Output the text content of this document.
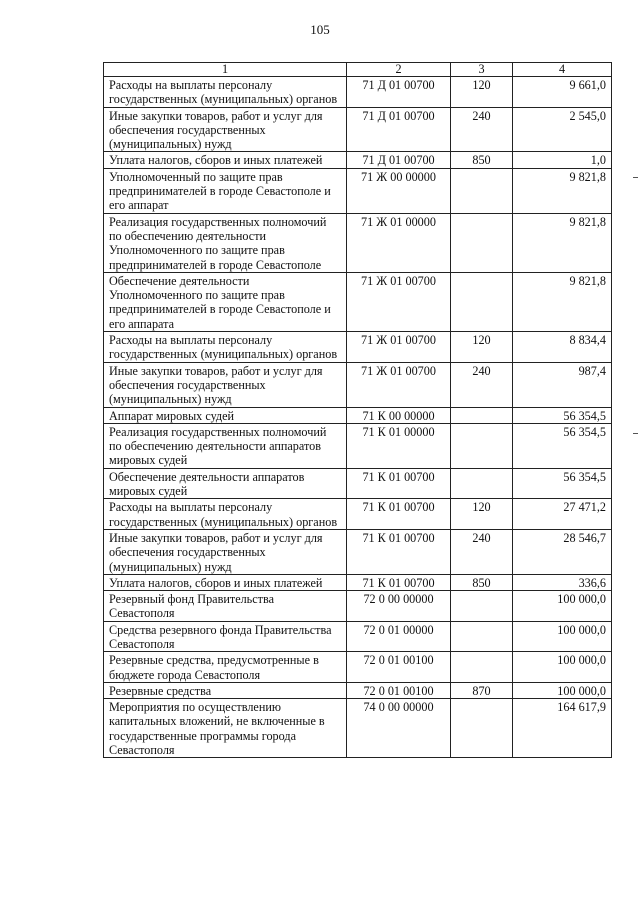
105
1	2	3	4
Расходы на выплаты персоналу государственных (муниципальных) органов	71 Д 01 00700	120	9 661,0
Иные закупки товаров, работ и услуг для обеспечения государственных (муниципальных) нужд	71 Д 01 00700	240	2 545,0
Уплата налогов, сборов и иных платежей	71 Д 01 00700	850	1,0
Уполномоченный по защите прав предпринимателей в городе Севастополе и его аппарат	71 Ж 00 00000		9 821,8
Реализация государственных полномочий по обеспечению деятельности Уполномоченного по защите прав предпринимателей в городе Севастополе	71 Ж 01 00000		9 821,8
Обеспечение деятельности Уполномоченного по защите прав предпринимателей в городе Севастополе и его аппарата	71 Ж 01 00700		9 821,8
Расходы на выплаты персоналу государственных (муниципальных) органов	71 Ж 01 00700	120	8 834,4
Иные закупки товаров, работ и услуг для обеспечения государственных (муниципальных) нужд	71 Ж 01 00700	240	987,4
Аппарат мировых судей	71 К 00 00000		56 354,5
Реализация государственных полномочий по обеспечению деятельности аппаратов мировых судей	71 К 01 00000		56 354,5
Обеспечение деятельности аппаратов мировых судей	71 К 01 00700		56 354,5
Расходы на выплаты персоналу государственных (муниципальных) органов	71 К 01 00700	120	27 471,2
Иные закупки товаров, работ и услуг для обеспечения государственных (муниципальных) нужд	71 К 01 00700	240	28 546,7
Уплата налогов, сборов и иных платежей	71 К 01 00700	850	336,6
Резервный фонд Правительства Севастополя	72 0 00 00000		100 000,0
Средства резервного фонда Правительства Севастополя	72 0 01 00000		100 000,0
Резервные средства, предусмотренные в бюджете города Севастополя	72 0 01 00100		100 000,0
Резервные средства	72 0 01 00100	870	100 000,0
Мероприятия по осуществлению капитальных вложений, не включенные в государственные программы города Севастополя	74 0 00 00000		164 617,9
